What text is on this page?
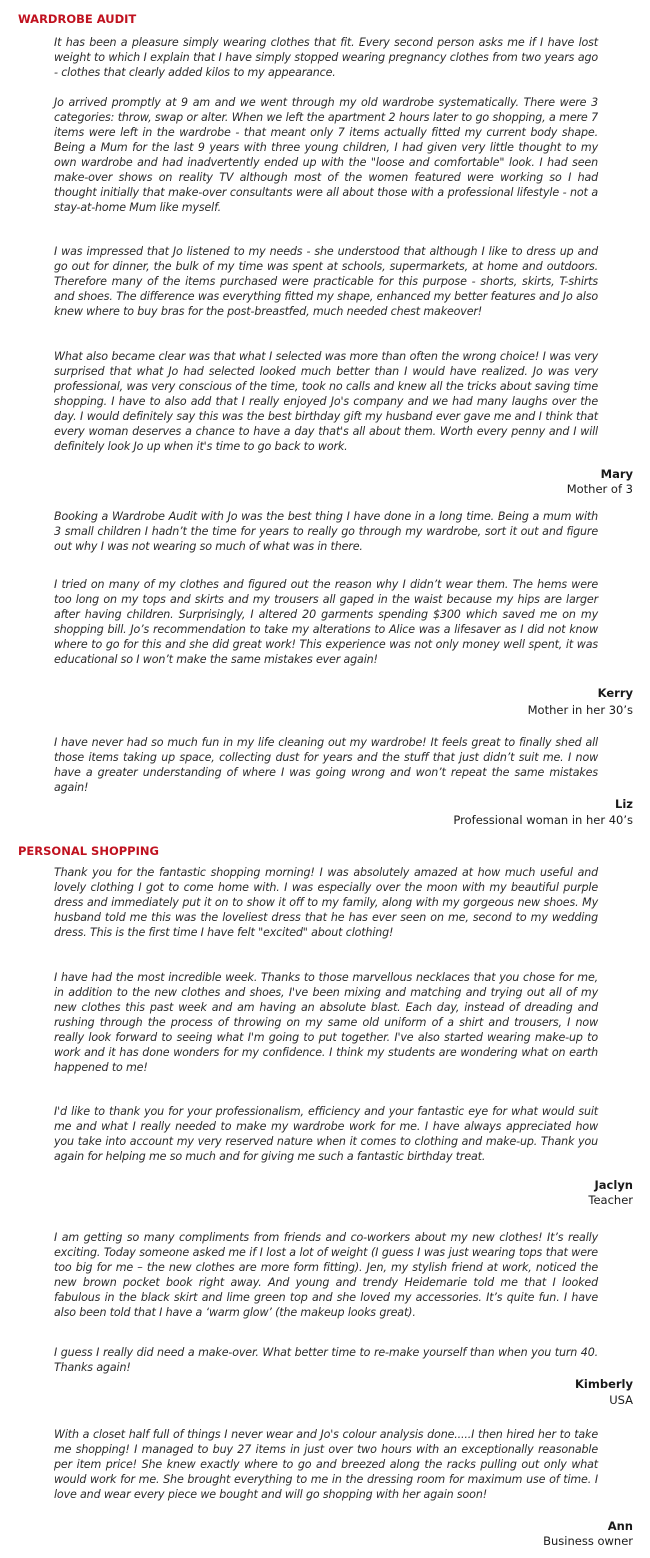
WARDROBE AUDIT

It has been a pleasure simply wearing clothes that fit. Every second person asks me if I have lost weight to which I explain that I have simply stopped wearing pregnancy clothes from two years ago - clothes that clearly added kilos to my appearance.

Jo arrived promptly at 9 am and we went through my old wardrobe systematically. There were 3 categories: throw, swap or alter. When we left the apartment 2 hours later to go shopping, a mere 7 items were left in the wardrobe - that meant only 7 items actually fitted my current body shape. Being a Mum for the last 9 years with three young children, I had given very little thought to my own wardrobe and had inadvertently ended up with the "loose and comfortable" look. I had seen make-over shows on reality TV although most of the women featured were working so I had thought initially that make-over consultants were all about those with a professional lifestyle - not a stay-at-home Mum like myself.

I was impressed that Jo listened to my needs - she understood that although I like to dress up and go out for dinner, the bulk of my time was spent at schools, supermarkets, at home and outdoors. Therefore many of the items purchased were practicable for this purpose - shorts, skirts, T-shirts and shoes. The difference was everything fitted my shape, enhanced my better features and Jo also knew where to buy bras for the post-breastfed, much needed chest makeover!

What also became clear was that what I selected was more than often the wrong choice! I was very surprised that what Jo had selected looked much better than I would have realized. Jo was very professional, was very conscious of the time, took no calls and knew all the tricks about saving time shopping. I have to also add that I really enjoyed Jo's company and we had many laughs over the day. I would definitely say this was the best birthday gift my husband ever gave me and I think that every woman deserves a chance to have a day that's all about them. Worth every penny and I will definitely look Jo up when it's time to go back to work.

Mary

Mother of 3

Booking a Wardrobe Audit with Jo was the best thing I have done in a long time. Being a mum with 3 small children I hadn’t the time for years to really go through my wardrobe, sort it out and figure out why I was not wearing so much of what was in there.

I tried on many of my clothes and figured out the reason why I didn’t wear them. The hems were too long on my tops and skirts and my trousers all gaped in the waist because my hips are larger after having children. Surprisingly, I altered 20 garments spending $300 which saved me on my shopping bill. Jo’s recommendation to take my alterations to Alice was a lifesaver as I did not know where to go for this and she did great work! This experience was not only money well spent, it was educational so I won’t make the same mistakes ever again!

Kerry

Mother in her 30’s

I have never had so much fun in my life cleaning out my wardrobe! It feels great to finally shed all those items taking up space, collecting dust for years and the stuff that just didn’t suit me. I now have a greater understanding of where I was going wrong and won’t repeat the same mistakes again!

Liz

Professional woman in her 40’s

PERSONAL SHOPPING

Thank you for the fantastic shopping morning! I was absolutely amazed at how much useful and lovely clothing I got to come home with. I was especially over the moon with my beautiful purple dress and immediately put it on to show it off to my family, along with my gorgeous new shoes. My husband told me this was the loveliest dress that he has ever seen on me, second to my wedding dress. This is the first time I have felt "excited" about clothing!

I have had the most incredible week. Thanks to those marvellous necklaces that you chose for me, in addition to the new clothes and shoes, I've been mixing and matching and trying out all of my new clothes this past week and am having an absolute blast. Each day, instead of dreading and rushing through the process of throwing on my same old uniform of a shirt and trousers, I now really look forward to seeing what I'm going to put together. I've also started wearing make-up to work and it has done wonders for my confidence. I think my students are wondering what on earth happened to me!

I'd like to thank you for your professionalism, efficiency and your fantastic eye for what would suit me and what I really needed to make my wardrobe work for me. I have always appreciated how you take into account my very reserved nature when it comes to clothing and make-up. Thank you again for helping me so much and for giving me such a fantastic birthday treat.

Jaclyn

Teacher

I am getting so many compliments from friends and co-workers about my new clothes! It’s really exciting. Today someone asked me if I lost a lot of weight (I guess I was just wearing tops that were too big for me – the new clothes are more form fitting). Jen, my stylish friend at work, noticed the new brown pocket book right away. And young and trendy Heidemarie told me that I looked fabulous in the black skirt and lime green top and she loved my accessories. It’s quite fun. I have also been told that I have a ‘warm glow’ (the makeup looks great).

I guess I really did need a make-over. What better time to re-make yourself than when you turn 40. Thanks again!

Kimberly

USA

With a closet half full of things I never wear and Jo's colour analysis done.....I then hired her to take me shopping! I managed to buy 27 items in just over two hours with an exceptionally reasonable per item price! She knew exactly where to go and breezed along the racks pulling out only what would work for me. She brought everything to me in the dressing room for maximum use of time. I love and wear every piece we bought and will go shopping with her again soon!

Ann

Business owner
